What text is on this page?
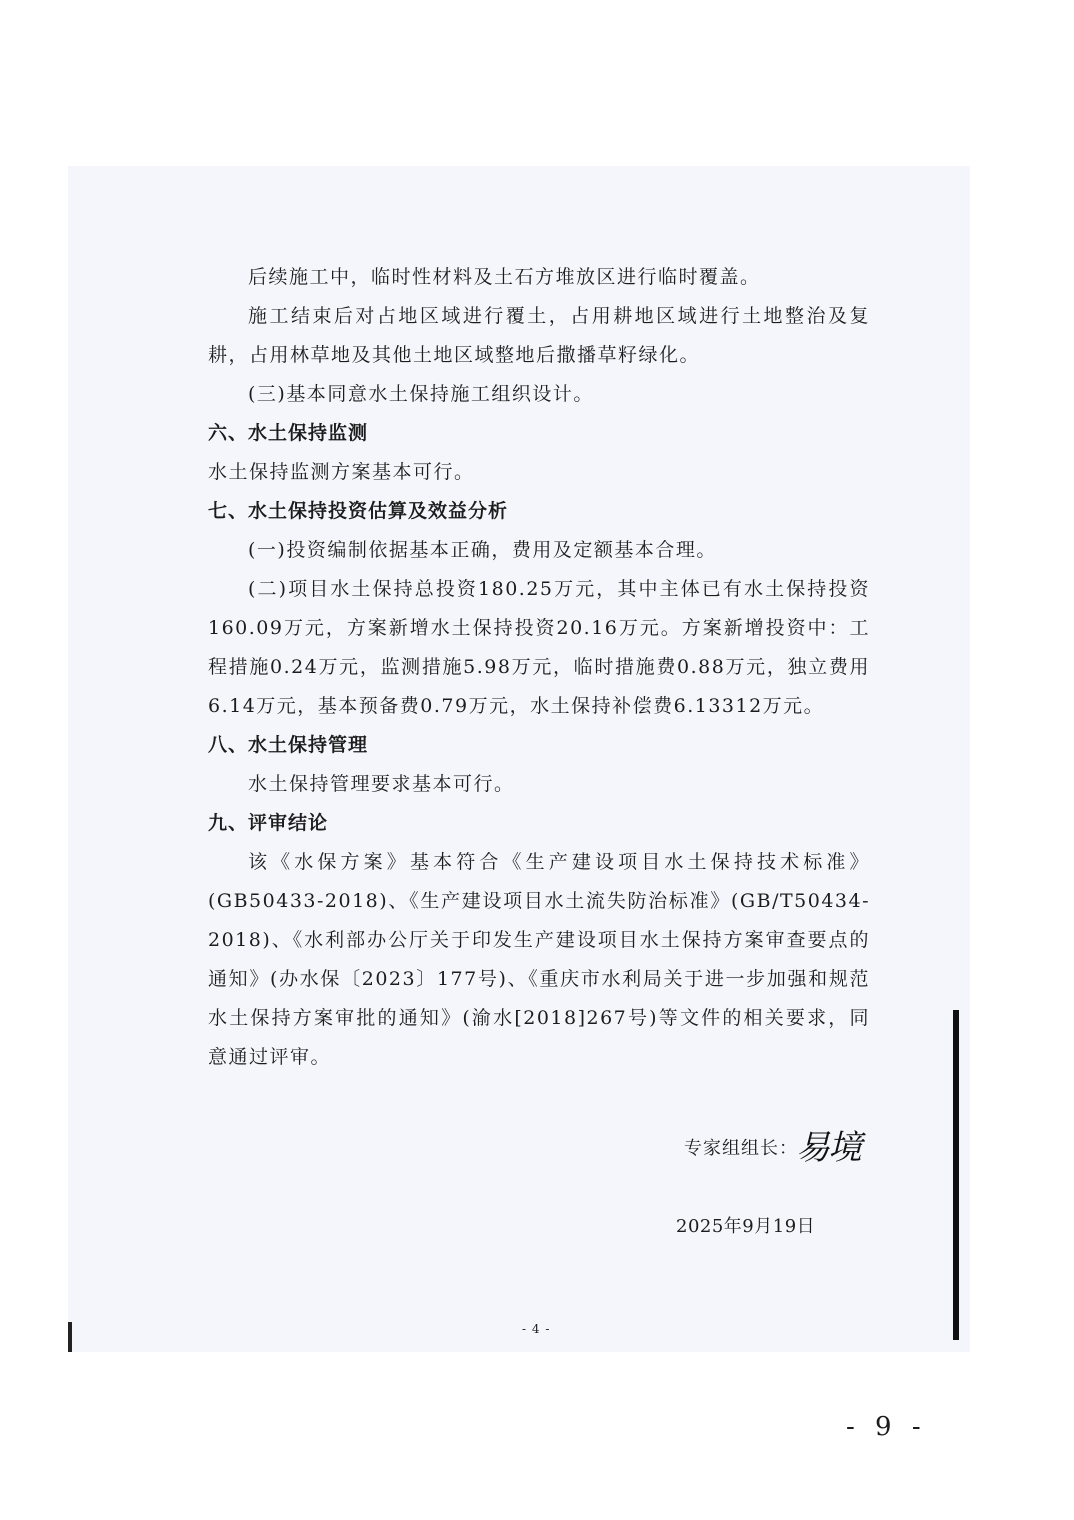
后续施工中，临时性材料及土石方堆放区进行临时覆盖。

施工结束后对占地区域进行覆土，占用耕地区域进行土地整治及复耕，占用林草地及其他土地区域整地后撒播草籽绿化。

(三)基本同意水土保持施工组织设计。

六、水土保持监测

水土保持监测方案基本可行。

七、水土保持投资估算及效益分析

(一)投资编制依据基本正确，费用及定额基本合理。

(二)项目水土保持总投资180.25万元，其中主体已有水土保持投资160.09万元，方案新增水土保持投资20.16万元。方案新增投资中：工程措施0.24万元，监测措施5.98万元，临时措施费0.88万元，独立费用6.14万元，基本预备费0.79万元，水土保持补偿费6.13312万元。

八、水土保持管理

水土保持管理要求基本可行。

九、评审结论

该《水保方案》基本符合《生产建设项目水土保持技术标准》(GB50433-2018)、《生产建设项目水土流失防治标准》(GB/T50434-2018)、《水利部办公厅关于印发生产建设项目水土保持方案审查要点的通知》(办水保〔2023〕177号)、《重庆市水利局关于进一步加强和规范水土保持方案审批的通知》(渝水[2018]267号)等文件的相关要求，同意通过评审。

专家组组长：
易境
2025年9月19日
- 4 -
- 9 -
